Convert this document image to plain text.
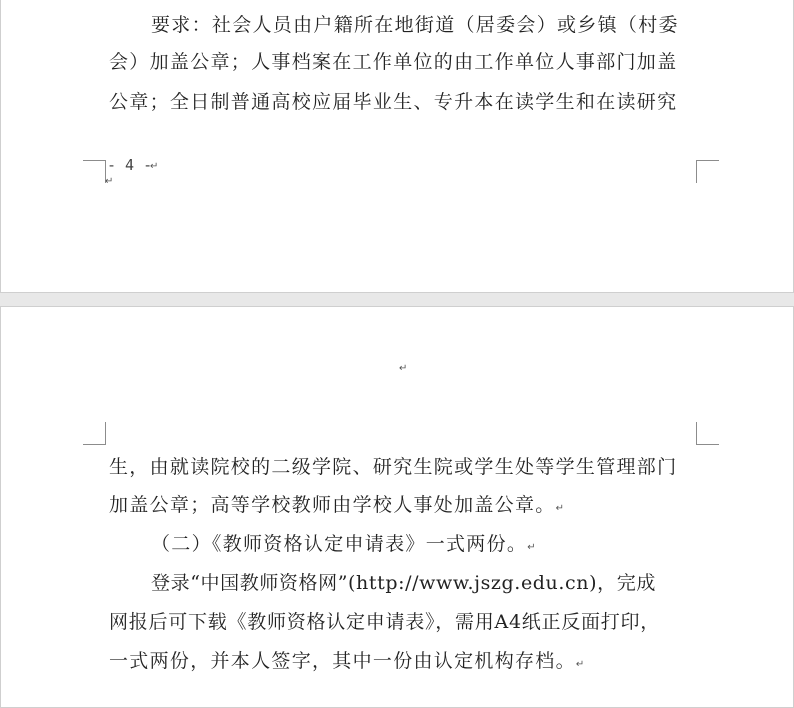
要求：社会人员由户籍所在地街道（居委会）或乡镇（村委
会）加盖公章；人事档案在工作单位的由工作单位人事部门加盖
公章；全日制普通高校应届毕业生、专升本在读学生和在读研究
- 4 -
↵
↵
↵
生，由就读院校的二级学院、研究生院或学生处等学生管理部门
加盖公章；高等学校教师由学校人事处加盖公章。↵
（二）《教师资格认定申请表》一式两份。↵
登录“中国教师资格网”(http://www.jszg.edu.cn)，完成
网报后可下载《教师资格认定申请表》，需用A4纸正反面打印，
一式两份，并本人签字，其中一份由认定机构存档。↵
